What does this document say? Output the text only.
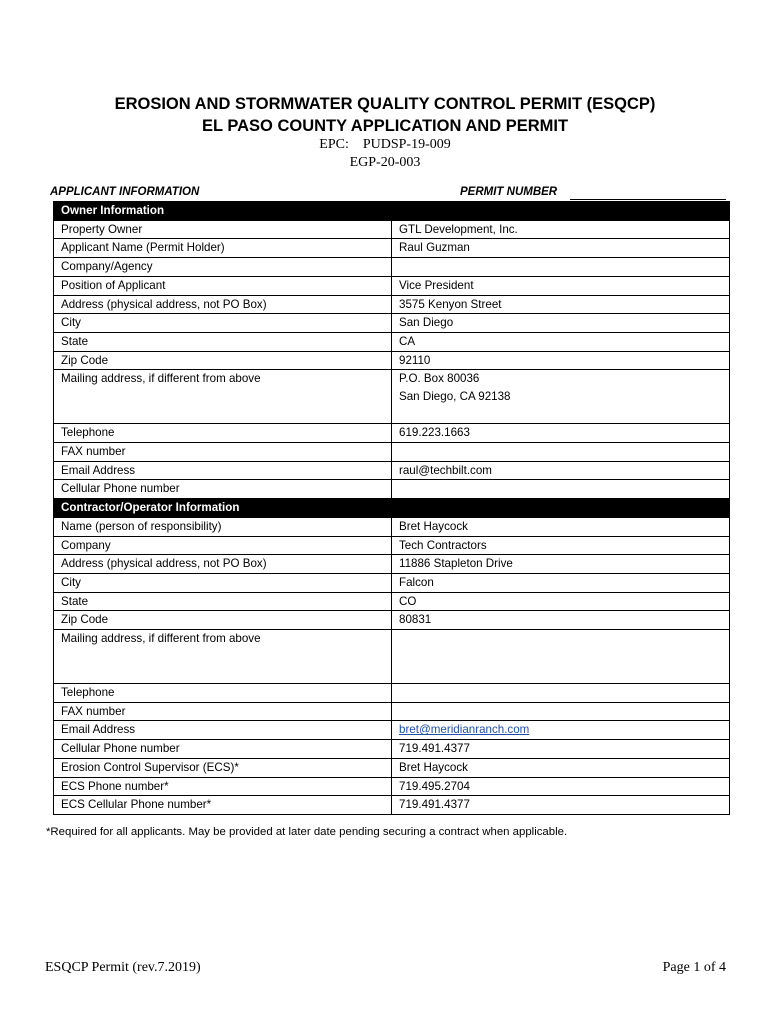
EROSION AND STORMWATER QUALITY CONTROL PERMIT (ESQCP)
EL PASO COUNTY APPLICATION AND PERMIT
EPC:    PUDSP-19-009
EGP-20-003
APPLICANT INFORMATION	PERMIT NUMBER
Owner Information	
Property Owner	GTL Development, Inc.
Applicant Name (Permit Holder)	Raul Guzman
Company/Agency	
Position of Applicant	Vice President
Address (physical address, not PO Box)	3575 Kenyon Street
City	San Diego
State	CA
Zip Code	92110
Mailing address, if different from above	P.O. Box 80036
San Diego, CA 92138

Telephone	619.223.1663
FAX number	
Email Address	raul@techbilt.com
Cellular Phone number	
Contractor/Operator Information	
Name (person of responsibility)	Bret Haycock
Company	Tech Contractors
Address (physical address, not PO Box)	11886 Stapleton Drive
City	Falcon
State	CO
Zip Code	80831
Mailing address, if different from above	

Telephone	
FAX number	
Email Address	bret@meridianranch.com
Cellular Phone number	719.491.4377
Erosion Control Supervisor (ECS)*	Bret Haycock
ECS Phone number*	719.495.2704
ECS Cellular Phone number*	719.491.4377
*Required for all applicants. May be provided at later date pending securing a contract when applicable.
ESQCP Permit (rev.7.2019)	Page 1 of 4
